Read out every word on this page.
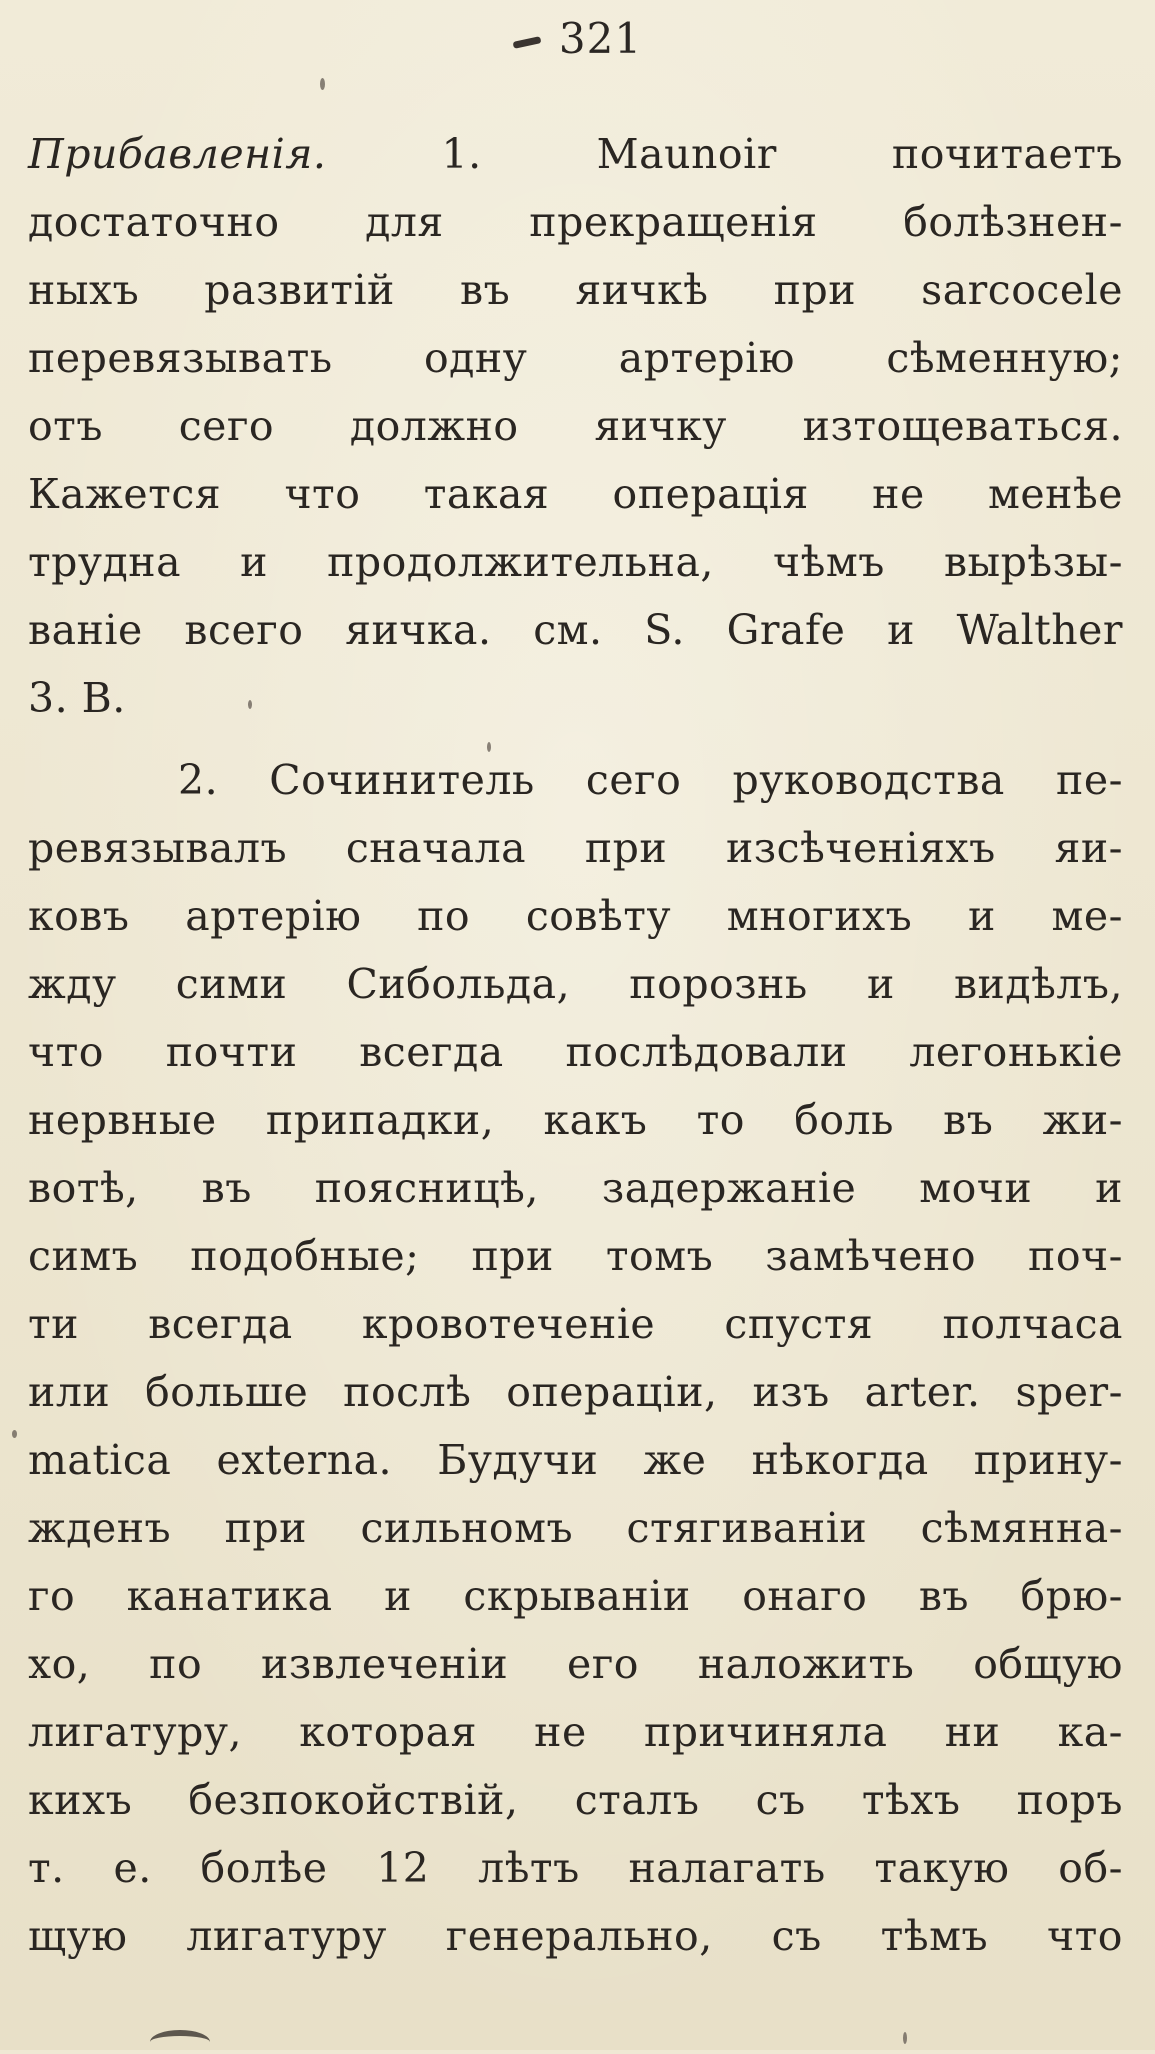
321
Прибавленія.	1. Maunoir почитаетъ
достаточно для прекращенія болѣзнен-
ныхъ развитій въ яичкѣ при sarcocele
перевязывать одну артерію сѣменную;
отъ сего должно яичку изтощеваться.
Кажется что такая операція не менѣе
трудна и продолжительна, чѣмъ вырѣзы-
ваніе всего яичка. см. S. Grafe и Walther
3. B.
2. Сочинитель сего руководства пе-
ревязывалъ сначала при изсѣченіяхъ яи-
ковъ артерію по совѣту многихъ и ме-
жду сими Сибольда, порознь и видѣлъ,
что почти всегда послѣдовали легонькіе
нервные припадки, какъ то боль въ жи-
вотѣ, въ поясницѣ, задержаніе мочи и
симъ подобные; при томъ замѣчено поч-
ти всегда кровотеченіе спустя полчаса
или больше послѣ операціи, изъ arter. sper-
matica externa. Будучи же нѣкогда прину-
жденъ при сильномъ стягиваніи сѣмянна-
го канатика и скрываніи онаго въ брю-
хо, по извлеченіи его наложить общую
лигатуру, которая не причиняла ни ка-
кихъ безпокойствій, сталъ съ тѣхъ поръ
т. е. болѣе 12 лѣтъ налагать такую об-
щую лигатуру генерально, съ тѣмъ что
